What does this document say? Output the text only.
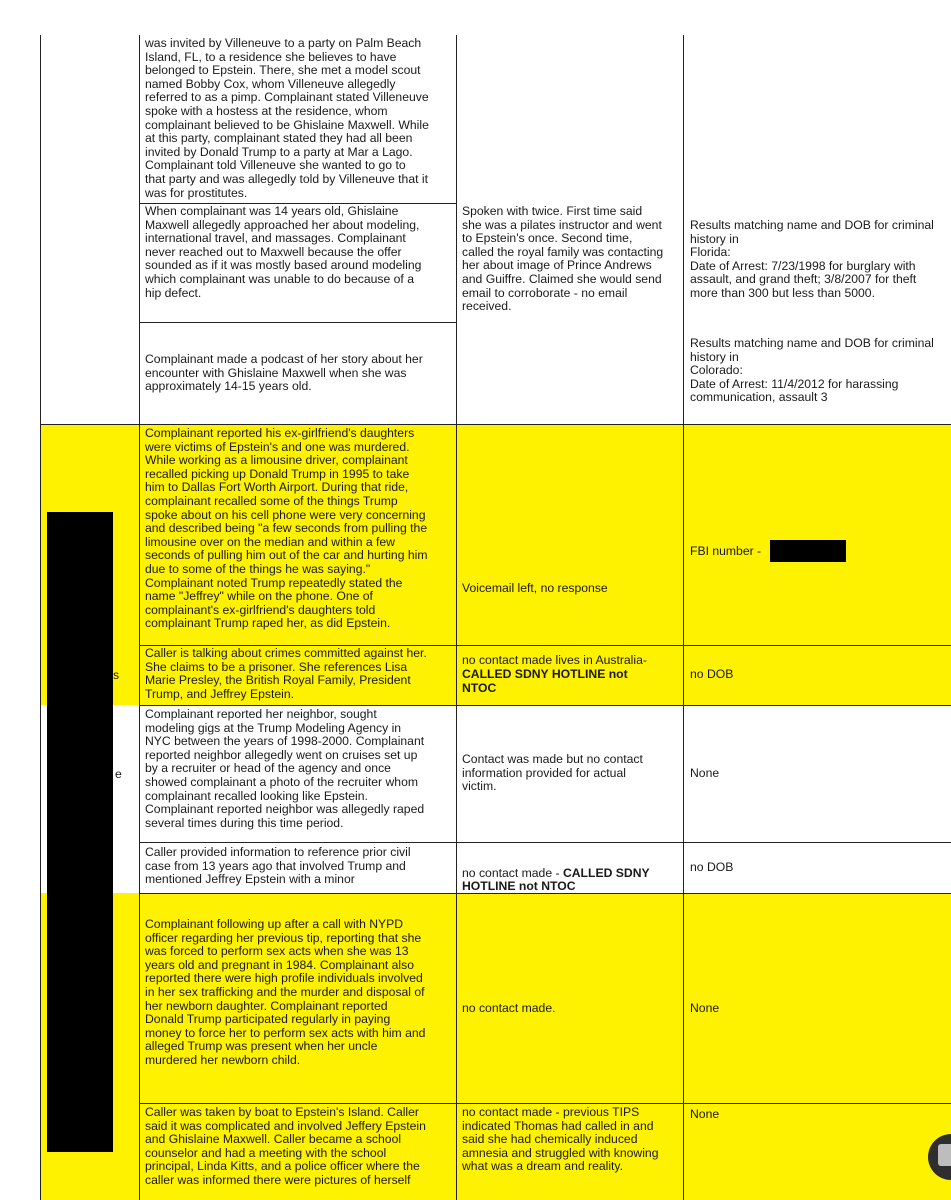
s
e
was invited by Villeneuve to a party on Palm Beach
Island, FL, to a residence she believes to have
belonged to Epstein. There, she met a model scout
named Bobby Cox, whom Villeneuve allegedly
referred to as a pimp. Complainant stated Villeneuve
spoke with a hostess at the residence, whom
complainant believed to be Ghislaine Maxwell. While
at this party, complainant stated they had all been
invited by Donald Trump to a party at Mar a Lago.
Complainant told Villeneuve she wanted to go to
that party and was allegedly told by Villeneuve that it
was for prostitutes.
When complainant was 14 years old, Ghislaine
Maxwell allegedly approached her about modeling,
international travel, and massages. Complainant
never reached out to Maxwell because the offer
sounded as if it was mostly based around modeling
which complainant was unable to do because of a
hip defect.
Spoken with twice. First time said
she was a pilates instructor and went
to Epstein's once. Second time,
called the royal family was contacting
her about image of Prince Andrews
and Guiffre. Claimed she would send
email to corroborate - no email
received.
Results matching name and DOB for criminal
history in
Florida:
Date of Arrest: 7/23/1998 for burglary with
assault, and grand theft; 3/8/2007 for theft
more than 300 but less than 5000.
Complainant made a podcast of her story about her
encounter with Ghislaine Maxwell when she was
approximately 14-15 years old.
Results matching name and DOB for criminal
history in
Colorado:
Date of Arrest: 11/4/2012 for harassing
communication, assault 3
Complainant reported his ex-girlfriend's daughters
were victims of Epstein's and one was murdered.
While working as a limousine driver, complainant
recalled picking up Donald Trump in 1995 to take
him to Dallas Fort Worth Airport. During that ride,
complainant recalled some of the things Trump
spoke about on his cell phone were very concerning
and described being "a few seconds from pulling the
limousine over on the median and within a few
seconds of pulling him out of the car and hurting him
due to some of the things he was saying."
Complainant noted Trump repeatedly stated the
name "Jeffrey" while on the phone. One of
complainant's ex-girlfriend's daughters told
complainant Trump raped her, as did Epstein.
Voicemail left, no response
FBI number -
Caller is talking about crimes committed against her.
She claims to be a prisoner. She references Lisa
Marie Presley, the British Royal Family, President
Trump, and Jeffrey Epstein.
no contact made lives in Australia-
CALLED SDNY HOTLINE not
NTOC
no DOB
Complainant reported her neighbor, sought
modeling gigs at the Trump Modeling Agency in
NYC between the years of 1998-2000. Complainant
reported neighbor allegedly went on cruises set up
by a recruiter or head of the agency and once
showed complainant a photo of the recruiter whom
complainant recalled looking like Epstein.
Complainant reported neighbor was allegedly raped
several times during this time period.
Contact was made but no contact
information provided for actual
victim.
None
Caller provided information to reference prior civil
case from 13 years ago that involved Trump and
mentioned Jeffrey Epstein with a minor	no contact made - CALLED SDNY
HOTLINE not NTOC

no DOB
Complainant following up after a call with NYPD
officer regarding her previous tip, reporting that she
was forced to perform sex acts when she was 13
years old and pregnant in 1984. Complainant also
reported there were high profile individuals involved
in her sex trafficking and the murder and disposal of
her newborn daughter. Complainant reported
Donald Trump participated regularly in paying
money to force her to perform sex acts with him and
alleged Trump was present when her uncle
murdered her newborn child.
no contact made.	None
Caller was taken by boat to Epstein's Island. Caller
said it was complicated and involved Jeffery Epstein
and Ghislaine Maxwell. Caller became a school
counselor and had a meeting with the school
principal, Linda Kitts, and a police officer where the
caller was informed there were pictures of herself
no contact made - previous TIPS
indicated Thomas had called in and
said she had chemically induced
amnesia and struggled with knowing
what was a dream and reality.
None
